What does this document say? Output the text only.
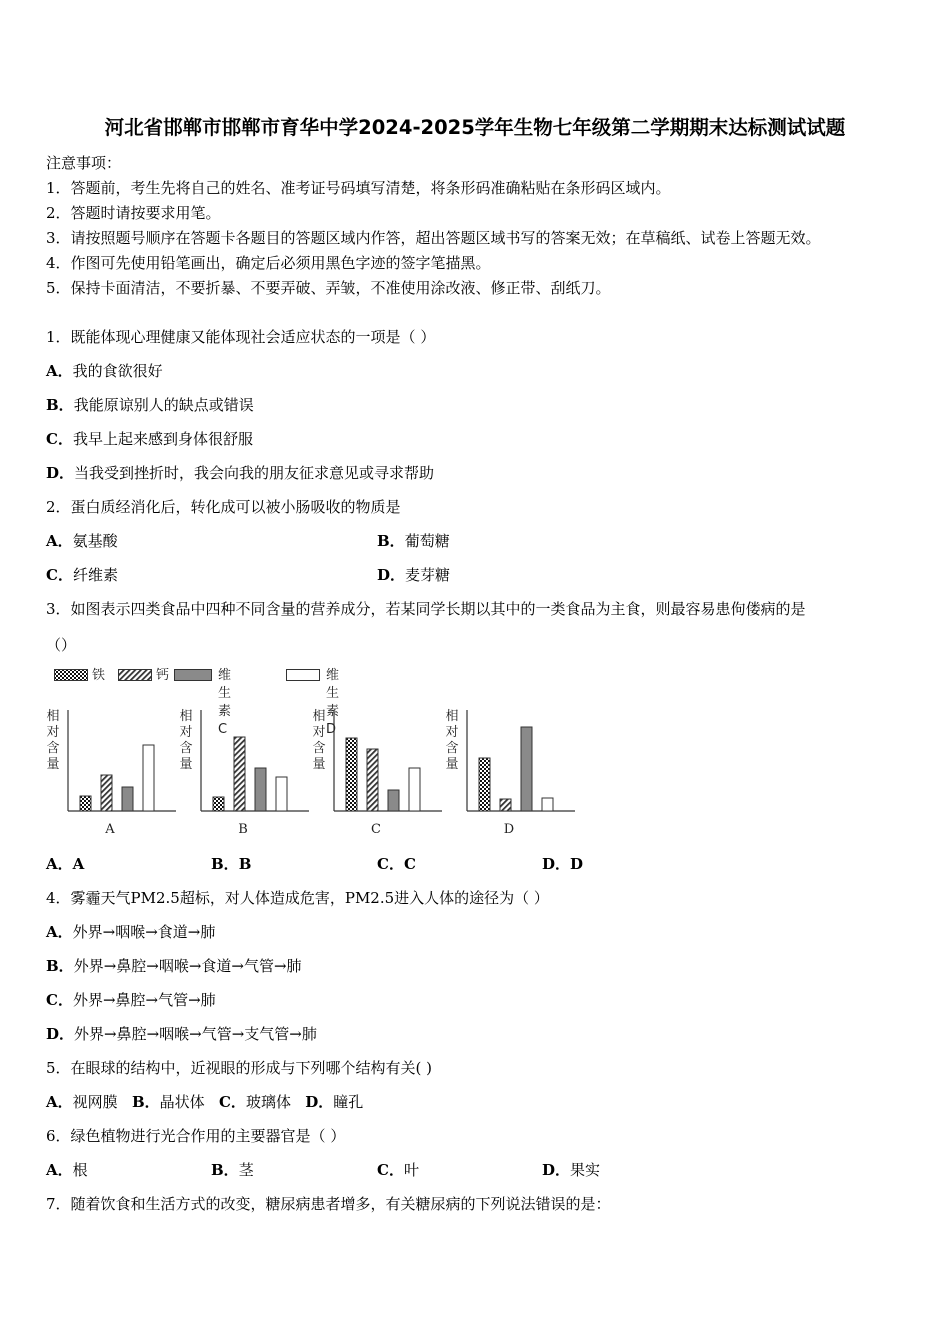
河北省邯郸市邯郸市育华中学2024-2025学年生物七年级第二学期期末达标测试试题
注意事项：
1．答题前，考生先将自己的姓名、准考证号码填写清楚，将条形码准确粘贴在条形码区域内。
2．答题时请按要求用笔。
3．请按照题号顺序在答题卡各题目的答题区域内作答，超出答题区域书写的答案无效；在草稿纸、试卷上答题无效。
4．作图可先使用铅笔画出，确定后必须用黑色字迹的签字笔描黑。
5．保持卡面清洁，不要折暴、不要弄破、弄皱，不准使用涂改液、修正带、刮纸刀。
1．既能体现心理健康又能体现社会适应状态的一项是（ ）
A．我的食欲很好
B．我能原谅别人的缺点或错误
C．我早上起来感到身体很舒服
D．当我受到挫折时，我会向我的朋友征求意见或寻求帮助
2．蛋白质经消化后，转化成可以被小肠吸收的物质是
A．氨基酸	B．葡萄糖
C．纤维素	D．麦芽糖
3．如图表示四类食品中四种不同含量的营养成分，若某同学长期以其中的一类食品为主食，则最容易患佝偻病的是
（）
铁	钙	维生素 C
维生素 D
相
对
含
量
A
相
对
含
量
B
相
对
含
量
C
相
对
含
量
D
A．A	B．B	C．C	D．D
4．雾霾天气PM2.5超标，对人体造成危害，PM2.5进入人体的途径为（ ）
A．外界→咽喉→食道→肺
B．外界→鼻腔→咽喉→食道→气管→肺
C．外界→鼻腔→气管→肺
D．外界→鼻腔→咽喉→气管→支气管→肺
5．在眼球的结构中，近视眼的形成与下列哪个结构有关( )
A．视网膜 B．晶状体 C．玻璃体 D．瞳孔
6．绿色植物进行光合作用的主要器官是（ ）
A．根	B．茎	C．叶	D．果实
7．随着饮食和生活方式的改变，糖尿病患者增多，有关糖尿病的下列说法错误的是：
